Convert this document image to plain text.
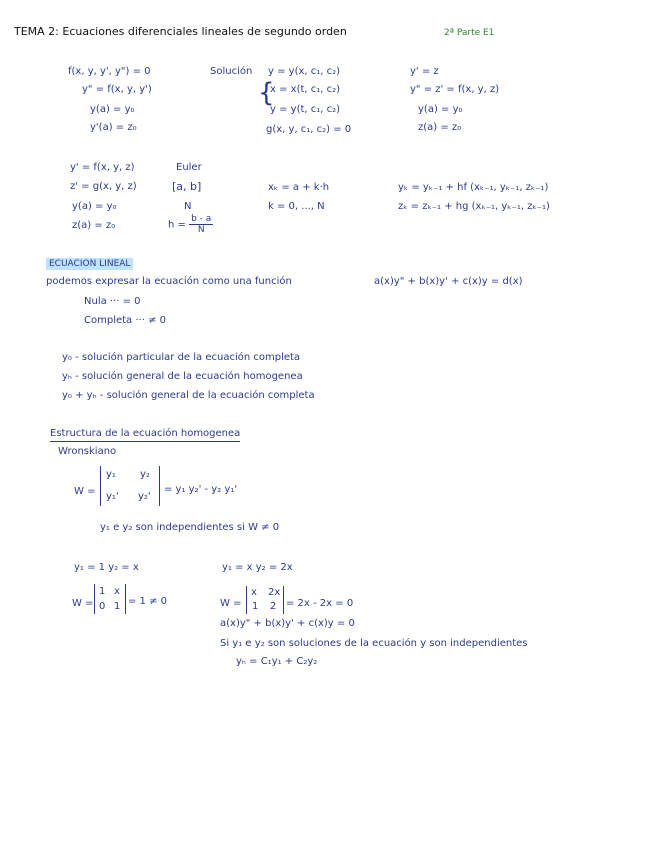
TEMA 2: Ecuaciones diferenciales lineales de segundo orden	2ª Parte E1
f(x, y, y', y") = 0
y" = f(x, y, y')
y(a) = y₀
y'(a) = z₀
Solución y = y(x, c₁, c₂)
{
x = x(t, c₁, c₂)
y = y(t, c₁, c₂)
g(x, y, c₁, c₂) = 0
y' = z
y" = z' = f(x, y, z)
y(a) = y₀
z(a) = z₀
y' = f(x, y, z)
z' = g(x, y, z)
y(a) = y₀
z(a) = z₀
Euler
[a, b]
N
$h = \frac{b - a}{N}$
xₖ = a + k·h
k = 0, ..., N
yₖ = yₖ₋₁ + hf (xₖ₋₁, yₖ₋₁, zₖ₋₁)
zₖ = zₖ₋₁ + hg (xₖ₋₁, yₖ₋₁, zₖ₋₁)
ECUACION LINEAL
podemos expresar la ecuación como una función	a(x)y" + b(x)y' + c(x)y = d(x)
Nula ··· = 0
Completa ··· ≠ 0
y₀ - solución particular de la ecuación completa
yₕ - solución general de la ecuación homogenea
y₀ + yₕ - solución general de la ecuación completa
Estructura de la ecuación homogenea
Wronskiano
W =
y₁ y₂
y₁' y₂'
= y₁ y₂' - y₂ y₁'
y₁ e y₂ son independientes si W ≠ 0
y₁ = 1 y₂ = x
W =
1 x
0 1 = 1 ≠ 0
y₁ = x y₂ = 2x
W =
x 2x
1 2 = 2x - 2x = 0
a(x)y" + b(x)y' + c(x)y = 0
Si y₁ e y₂ son soluciones de la ecuación y son independientes
yₕ = C₁y₁ + C₂y₂
